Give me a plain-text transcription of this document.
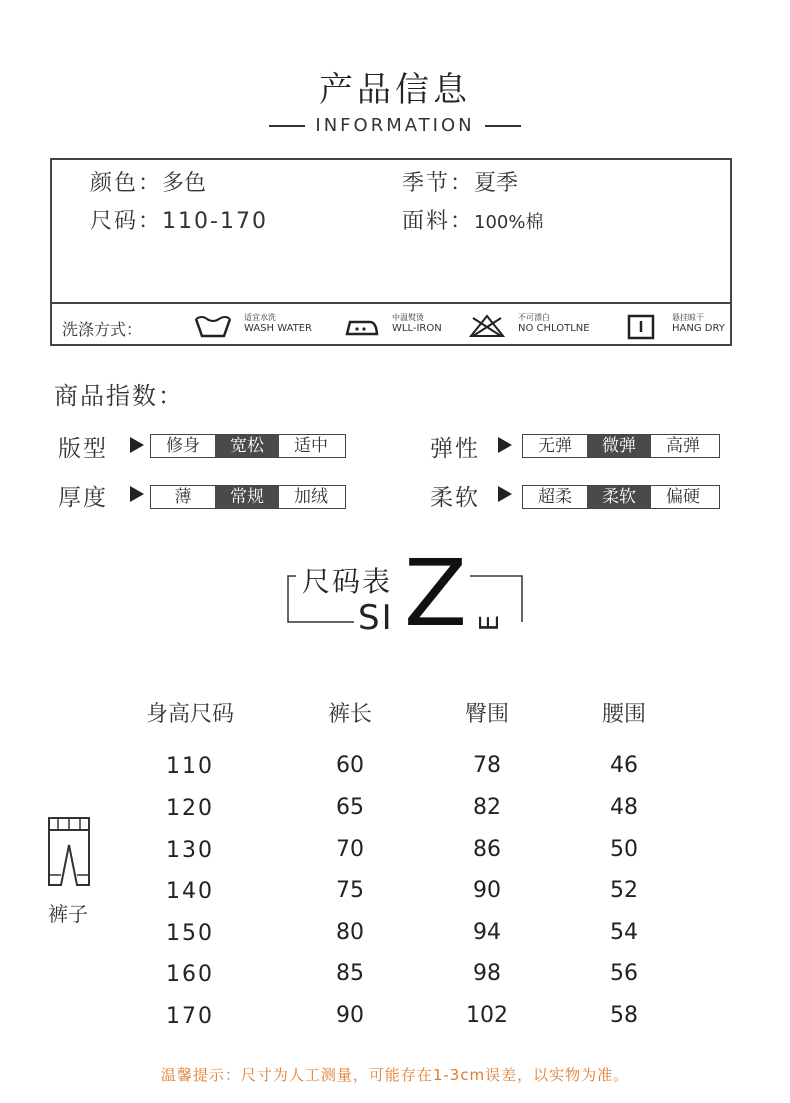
产品信息
INFORMATION
颜色：多色	季节：夏季
尺码：110-170	面料：100%棉
洗涤方式：
适宜水洗
WASH WATER
中温熨烫
WLL-IRON
不可漂白
NO CHLOTLNE
悬挂晾干
HANG DRY
商品指数：
版型	修身	宽松	适中	弹性	无弹	微弹	高弹
厚度	薄	常规	加绒	柔软	超柔	柔软	偏硬
尺码表
SI Z E
身高尺码	裤长	臀围	腰围
110	60	78	46
120	65	82	48
130	70	86	50
140	75	90	52
150	80	94	54
160	85	98	56
170	90	102	58
裤子
温馨提示：尺寸为人工测量，可能存在1-3cm误差，以实物为准。
